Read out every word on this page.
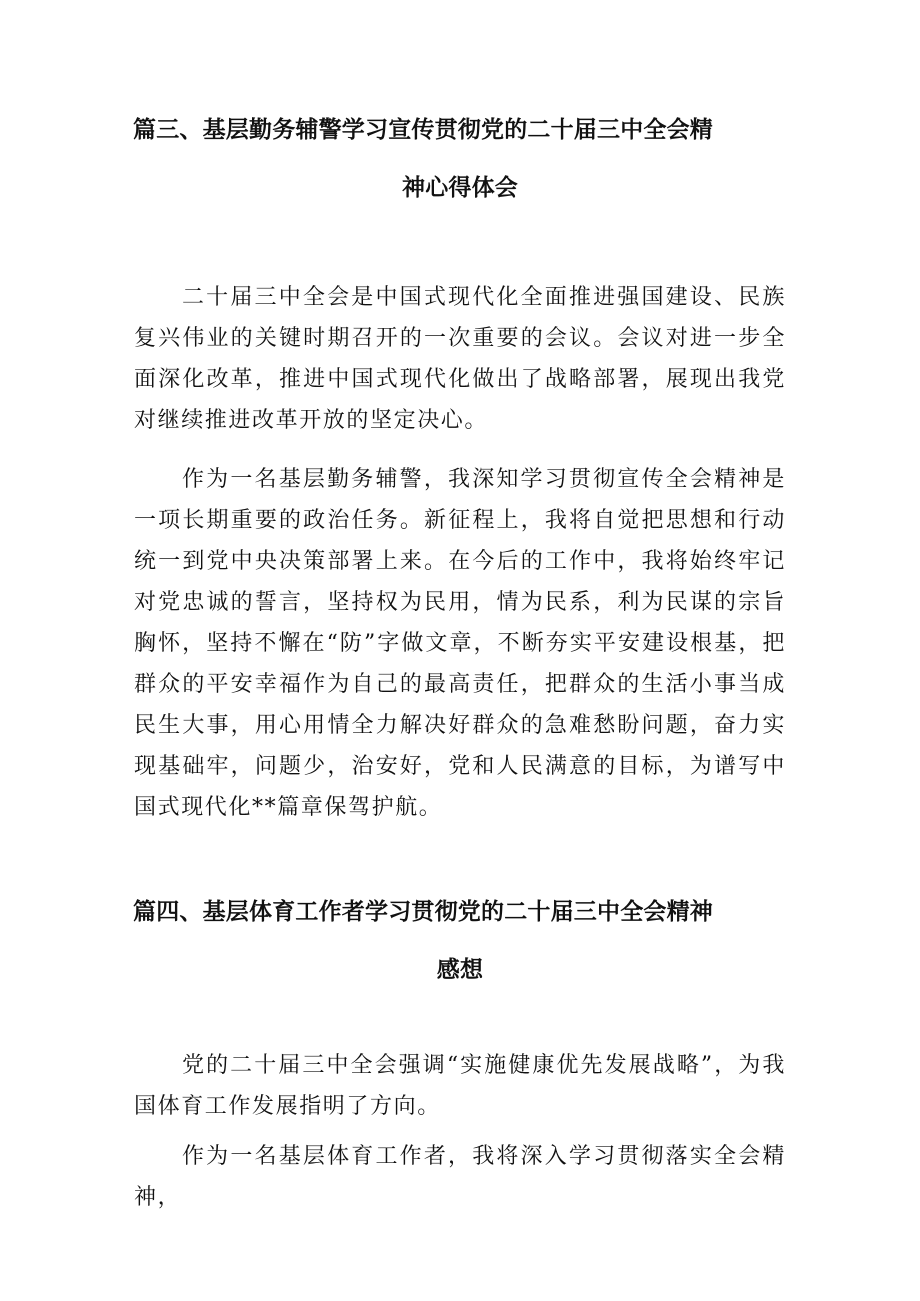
篇三、基层勤务辅警学习宣传贯彻党的二十届三中全会精
神心得体会

二十届三中全会是中国式现代化全面推进强国建设、民族复兴伟业的关键时期召开的一次重要的会议。会议对进一步全面深化改革，推进中国式现代化做出了战略部署，展现出我党对继续推进改革开放的坚定决心。

作为一名基层勤务辅警，我深知学习贯彻宣传全会精神是一项长期重要的政治任务。新征程上，我将自觉把思想和行动统一到党中央决策部署上来。在今后的工作中，我将始终牢记对党忠诚的誓言，坚持权为民用，情为民系，利为民谋的宗旨胸怀，坚持不懈在“防”字做文章，不断夯实平安建设根基，把群众的平安幸福作为自己的最高责任，把群众的生活小事当成民生大事，用心用情全力解决好群众的急难愁盼问题，奋力实现基础牢，问题少，治安好，党和人民满意的目标，为谱写中国式现代化**篇章保驾护航。

篇四、基层体育工作者学习贯彻党的二十届三中全会精神
感想

党的二十届三中全会强调“实施健康优先发展战略”，为我国体育工作发展指明了方向。

作为一名基层体育工作者，我将深入学习贯彻落实全会精神，
